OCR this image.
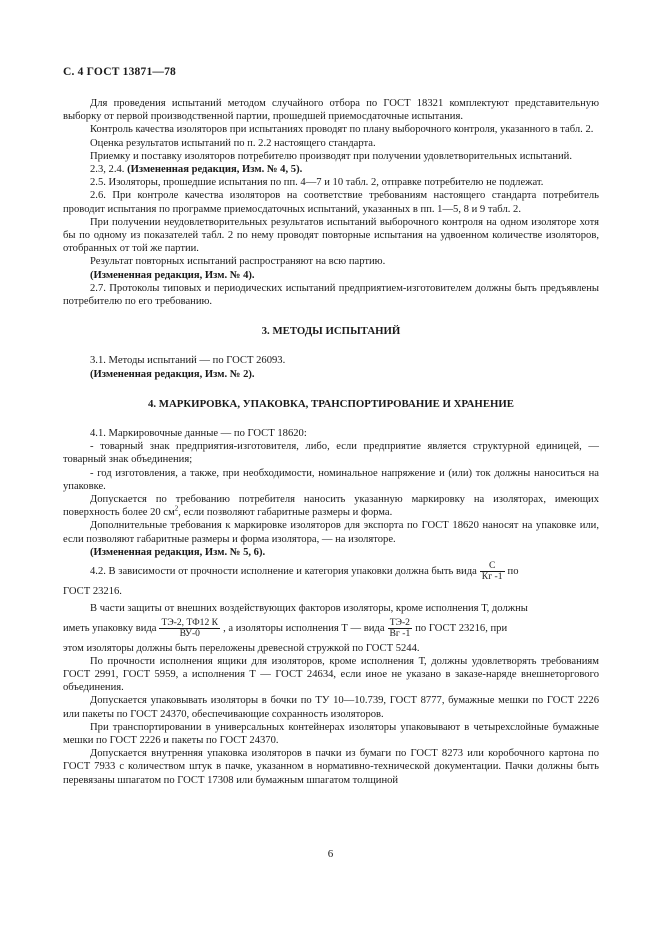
С. 4 ГОСТ 13871—78

Для проведения испытаний методом случайного отбора по ГОСТ 18321 комплектуют представительную выборку от первой производственной партии, прошедшей приемосдаточные испытания.

Контроль качества изоляторов при испытаниях проводят по плану выборочного контроля, указанного в табл. 2.

Оценка результатов испытаний по п. 2.2 настоящего стандарта.

Приемку и поставку изоляторов потребителю производят при получении удовлетворительных испытаний.

2.3, 2.4. (Измененная редакция, Изм. № 4, 5).

2.5. Изоляторы, прошедшие испытания по пп. 4—7 и 10 табл. 2, отправке потребителю не подлежат.

2.6. При контроле качества изоляторов на соответствие требованиям настоящего стандарта потребитель проводит испытания по программе приемосдаточных испытаний, указанных в пп. 1—5, 8 и 9 табл. 2.

При получении неудовлетворительных результатов испытаний выборочного контроля на одном изоляторе хотя бы по одному из показателей табл. 2 по нему проводят повторные испытания на удвоенном количестве изоляторов, отобранных от той же партии.

Результат повторных испытаний распространяют на всю партию.

(Измененная редакция, Изм. № 4).

2.7. Протоколы типовых и периодических испытаний предприятием-изготовителем должны быть предъявлены потребителю по его требованию.

3. МЕТОДЫ ИСПЫТАНИЙ

3.1. Методы испытаний — по ГОСТ 26093.

(Измененная редакция, Изм. № 2).

4. МАРКИРОВКА, УПАКОВКА, ТРАНСПОРТИРОВАНИЕ И ХРАНЕНИЕ

4.1. Маркировочные данные — по ГОСТ 18620:

- товарный знак предприятия-изготовителя, либо, если предприятие является структурной единицей, — товарный знак объединения;

- год изготовления, а также, при необходимости, номинальное напряжение и (или) ток должны наноситься на упаковке.

Допускается по требованию потребителя наносить указанную маркировку на изоляторах, имеющих поверхность более 20 $см^2$, если позволяют габаритные размеры и форма.

Дополнительные требования к маркировке изоляторов для экспорта по ГОСТ 18620 наносят на упаковке или, если позволяют габаритные размеры и форма изолятора, — на изоляторе.

(Измененная редакция, Изм. № 5, 6).

4.2. В зависимости от прочности исполнение и категория упаковки должна быть вида $\frac{С}{Кг -1}$ по

ГОСТ 23216.

В части защиты от внешних воздействующих факторов изоляторы, кроме исполнения Т, должны

иметь упаковку вида $\frac{ТЭ-2, ТФ12 К}{ВУ-0}$ , а изоляторы исполнения Т — вида $\frac{ТЭ-2}{Вг -1}$ по ГОСТ 23216, при

этом изоляторы должны быть переложены древесной стружкой по ГОСТ 5244.

По прочности исполнения ящики для изоляторов, кроме исполнения Т, должны удовлетворять требованиям ГОСТ 2991, ГОСТ 5959, а исполнения Т — ГОСТ 24634, если иное не указано в заказе-наряде внешнеторгового объединения.

Допускается упаковывать изоляторы в бочки по ТУ 10—10.739, ГОСТ 8777, бумажные мешки по ГОСТ 2226 или пакеты по ГОСТ 24370, обеспечивающие сохранность изоляторов.

При транспортировании в универсальных контейнерах изоляторы упаковывают в четырехслойные бумажные мешки по ГОСТ 2226 и пакеты по ГОСТ 24370.

Допускается внутренняя упаковка изоляторов в пачки из бумаги по ГОСТ 8273 или коробочного картона по ГОСТ 7933 с количеством штук в пачке, указанном в нормативно-технической документации. Пачки должны быть перевязаны шпагатом по ГОСТ 17308 или бумажным шпагатом толщиной

6
